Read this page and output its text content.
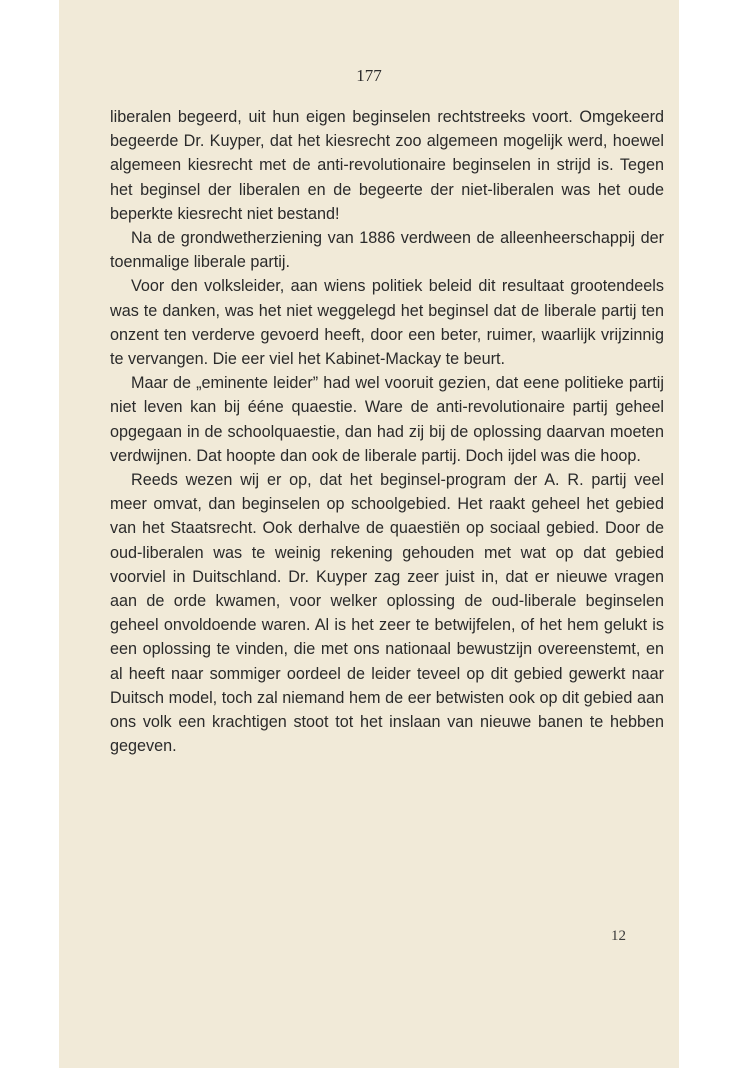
177

liberalen begeerd, uit hun eigen beginselen rechtstreeks voort. Omgekeerd begeerde Dr. Kuyper, dat het kiesrecht zoo algemeen mogelijk werd, hoewel algemeen kiesrecht met de anti-revolutionaire beginselen in strijd is. Tegen het beginsel der liberalen en de begeerte der niet-liberalen was het oude beperkte kiesrecht niet bestand!

Na de grondwetherziening van 1886 verdween de alleenheerschappij der toenmalige liberale partij.

Voor den volksleider, aan wiens politiek beleid dit resultaat grootendeels was te danken, was het niet weggelegd het beginsel dat de liberale partij ten onzent ten verderve gevoerd heeft, door een beter, ruimer, waarlijk vrijzinnig te vervangen. Die eer viel het Kabinet-Mackay te beurt.

Maar de „eminente leider” had wel vooruit gezien, dat eene politieke partij niet leven kan bij ééne quaestie. Ware de anti-revolutionaire partij geheel opgegaan in de schoolquaestie, dan had zij bij de oplossing daarvan moeten verdwijnen. Dat hoopte dan ook de liberale partij. Doch ijdel was die hoop.

Reeds wezen wij er op, dat het beginsel-program der A. R. partij veel meer omvat, dan beginselen op schoolgebied. Het raakt geheel het gebied van het Staatsrecht. Ook derhalve de quaestiën op sociaal gebied. Door de oud-liberalen was te weinig rekening gehouden met wat op dat gebied voorviel in Duitschland. Dr. Kuyper zag zeer juist in, dat er nieuwe vragen aan de orde kwamen, voor welker oplossing de oud-liberale beginselen geheel onvoldoende waren. Al is het zeer te betwijfelen, of het hem gelukt is een oplossing te vinden, die met ons nationaal bewustzijn overeenstemt, en al heeft naar sommiger oordeel de leider teveel op dit gebied gewerkt naar Duitsch model, toch zal niemand hem de eer betwisten ook op dit gebied aan ons volk een krachtigen stoot tot het inslaan van nieuwe banen te hebben gegeven.

12
